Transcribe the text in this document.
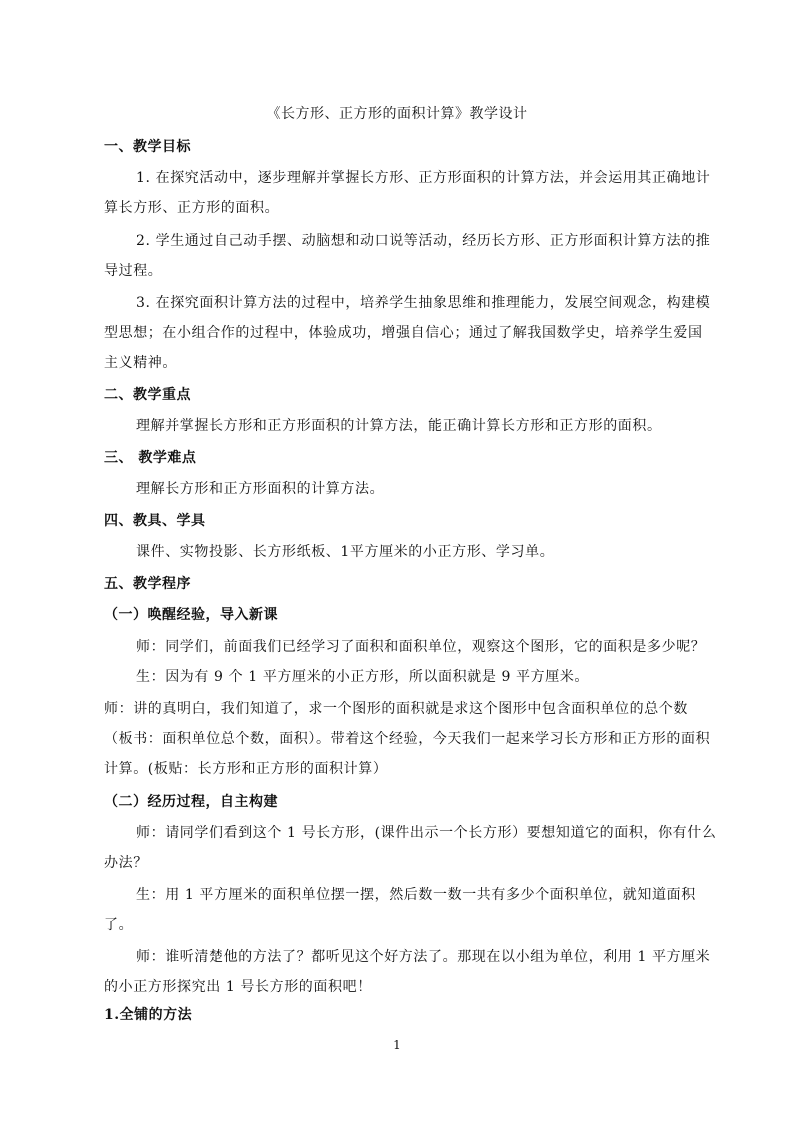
《长方形、正方形的面积计算》教学设计
一、教学目标
1. 在探究活动中，逐步理解并掌握长方形、正方形面积的计算方法，并会运用其正确地计
算长方形、正方形的面积。
2. 学生通过自己动手摆、动脑想和动口说等活动，经历长方形、正方形面积计算方法的推
导过程。
3. 在探究面积计算方法的过程中，培养学生抽象思维和推理能力，发展空间观念，构建模
型思想；在小组合作的过程中，体验成功，增强自信心；通过了解我国数学史，培养学生爱国
主义精神。
二、教学重点
理解并掌握长方形和正方形面积的计算方法，能正确计算长方形和正方形的面积。
三、 教学难点
理解长方形和正方形面积的计算方法。
四、教具、学具
课件、实物投影、长方形纸板、1平方厘米的小正方形、学习单。
五、教学程序
（一）唤醒经验，导入新课
师：同学们，前面我们已经学习了面积和面积单位，观察这个图形，它的面积是多少呢？
生：因为有 9 个 1 平方厘米的小正方形，所以面积就是 9 平方厘米。
师：讲的真明白，我们知道了，求一个图形的面积就是求这个图形中包含面积单位的总个数
（板书：面积单位总个数，面积）。带着这个经验，今天我们一起来学习长方形和正方形的面积
计算。(板贴：长方形和正方形的面积计算）
（二）经历过程，自主构建
师：请同学们看到这个 1 号长方形，(课件出示一个长方形）要想知道它的面积，你有什么
办法？
生：用 1 平方厘米的面积单位摆一摆，然后数一数一共有多少个面积单位，就知道面积
了。
师：谁听清楚他的方法了？都听见这个好方法了。那现在以小组为单位，利用 1 平方厘米
的小正方形探究出 1 号长方形的面积吧！
1.全铺的方法
1
